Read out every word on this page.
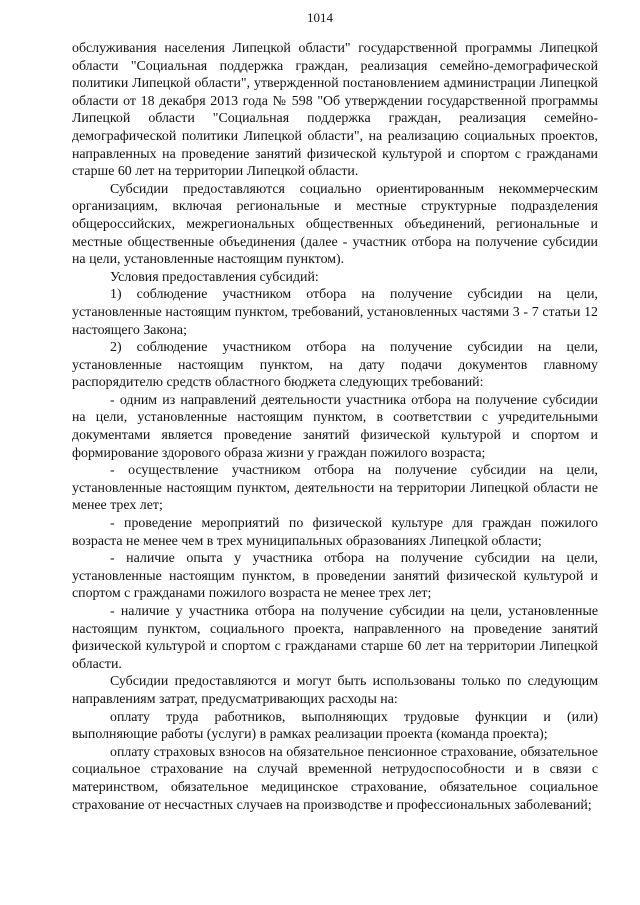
1014

обслуживания населения Липецкой области" государственной программы Липецкой области "Социальная поддержка граждан, реализация семейно-демографической политики Липецкой области", утвержденной постановлением администрации Липецкой области от 18 декабря 2013 года № 598 "Об утверждении государственной программы Липецкой области "Социальная поддержка граждан, реализация семейно-демографической политики Липецкой области", на реализацию социальных проектов, направленных на проведение занятий физической культурой и спортом с гражданами старше 60 лет на территории Липецкой области.

Субсидии предоставляются социально ориентированным некоммерческим организациям, включая региональные и местные структурные подразделения общероссийских, межрегиональных общественных объединений, региональные и местные общественные объединения (далее - участник отбора на получение субсидии на цели, установленные настоящим пунктом).

Условия предоставления субсидий:

1) соблюдение участником отбора на получение субсидии на цели, установленные настоящим пунктом, требований, установленных частями 3 - 7 статьи 12 настоящего Закона;

2) соблюдение участником отбора на получение субсидии на цели, установленные настоящим пунктом, на дату подачи документов главному распорядителю средств областного бюджета следующих требований:

- одним из направлений деятельности участника отбора на получение субсидии на цели, установленные настоящим пунктом, в соответствии с учредительными документами является проведение занятий физической культурой и спортом и формирование здорового образа жизни у граждан пожилого возраста;

- осуществление участником отбора на получение субсидии на цели, установленные настоящим пунктом, деятельности на территории Липецкой области не менее трех лет;

- проведение мероприятий по физической культуре для граждан пожилого возраста не менее чем в трех муниципальных образованиях Липецкой области;

- наличие опыта у участника отбора на получение субсидии на цели, установленные настоящим пунктом, в проведении занятий физической культурой и спортом с гражданами пожилого возраста не менее трех лет;

- наличие у участника отбора на получение субсидии на цели, установленные настоящим пунктом, социального проекта, направленного на проведение занятий физической культурой и спортом с гражданами старше 60 лет на территории Липецкой области.

Субсидии предоставляются и могут быть использованы только по следующим направлениям затрат, предусматривающих расходы на:

оплату труда работников, выполняющих трудовые функции и (или) выполняющие работы (услуги) в рамках реализации проекта (команда проекта);

оплату страховых взносов на обязательное пенсионное страхование, обязательное социальное страхование на случай временной нетрудоспособности и в связи с материнством, обязательное медицинское страхование, обязательное социальное страхование от несчастных случаев на производстве и профессиональных заболеваний;
